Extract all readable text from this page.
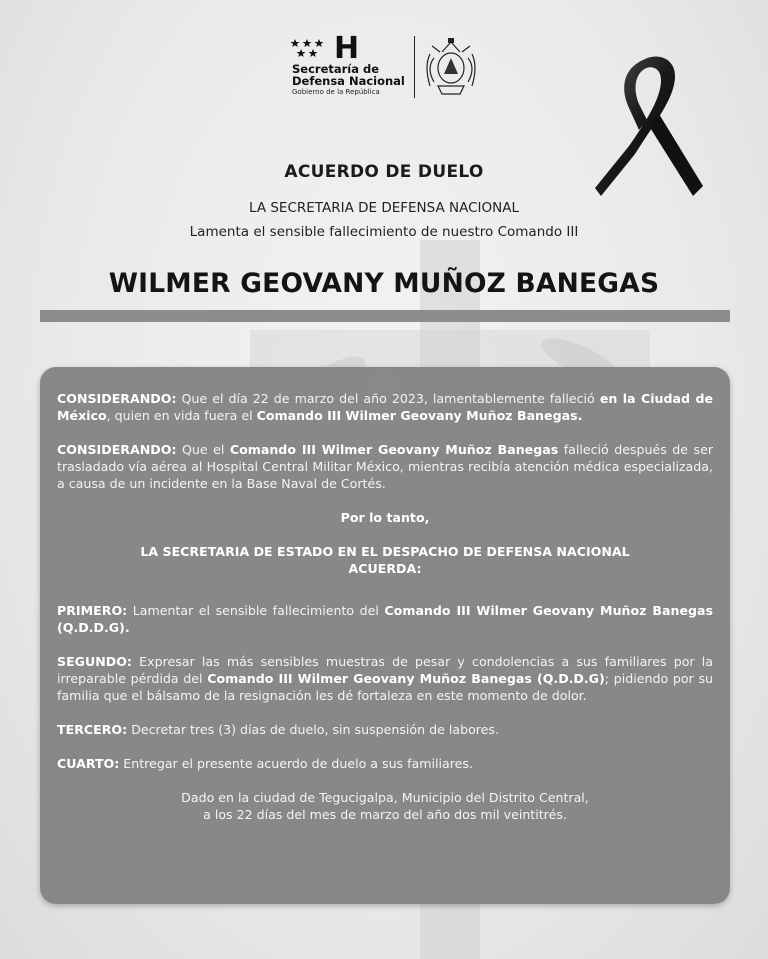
H
Secretaría de
Defensa Nacional
Gobierno de la República
ACUERDO DE DUELO
LA SECRETARIA DE DEFENSA NACIONAL
Lamenta el sensible fallecimiento de nuestro Comando III
WILMER GEOVANY MUÑOZ BANEGAS

CONSIDERANDO: Que el día 22 de marzo del año 2023, lamentablemente falleció en la Ciudad de México, quien en vida fuera el Comando III Wilmer Geovany Muñoz Banegas.

CONSIDERANDO: Que el Comando III Wilmer Geovany Muñoz Banegas falleció después de ser trasladado vía aérea al Hospital Central Militar México, mientras recibía atención médica especializada, a causa de un incidente en la Base Naval de Cortés.

Por lo tanto,

LA SECRETARIA DE ESTADO EN EL DESPACHO DE DEFENSA NACIONAL
ACUERDA:

PRIMERO: Lamentar el sensible fallecimiento del Comando III Wilmer Geovany Muñoz Banegas (Q.D.D.G).

SEGUNDO: Expresar las más sensibles muestras de pesar y condolencias a sus familiares por la irreparable pérdida del Comando III Wilmer Geovany Muñoz Banegas (Q.D.D.G); pidiendo por su familia que el bálsamo de la resignación les dé fortaleza en este momento de dolor.

TERCERO: Decretar tres (3) días de duelo, sin suspensión de labores.

CUARTO: Entregar el presente acuerdo de duelo a sus familiares.

Dado en la ciudad de Tegucigalpa, Municipio del Distrito Central,
a los 22 días del mes de marzo del año dos mil veintitrés.
